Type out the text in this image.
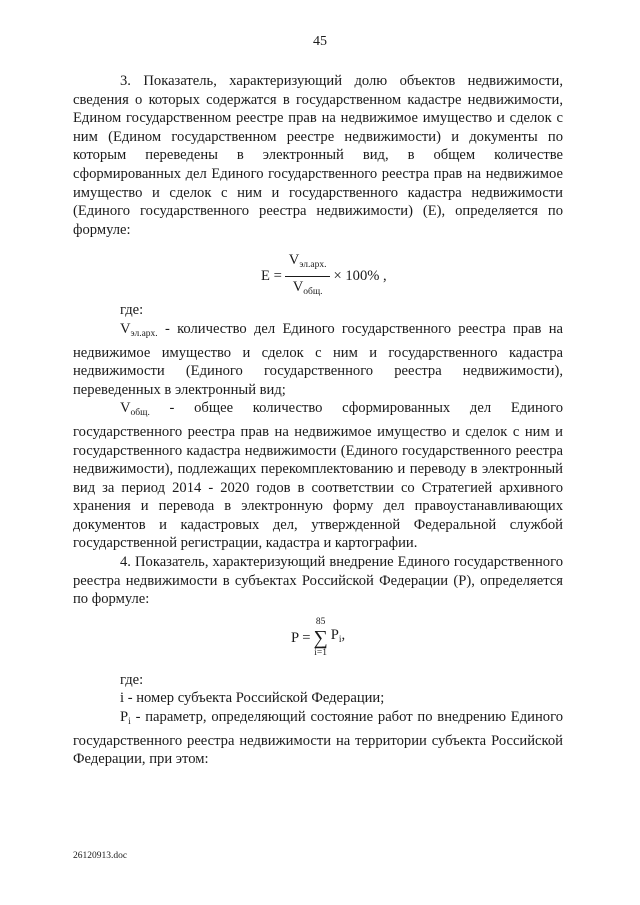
45

3. Показатель, характеризующий долю объектов недвижимости, сведения о которых содержатся в государственном кадастре недвижимости, Едином государственном реестре прав на недвижимое имущество и сделок с ним (Едином государственном реестре недвижимости) и документы по которым переведены в электронный вид, в общем количестве сформированных дел Единого государственного реестра прав на недвижимое имущество и сделок с ним и государственного кадастра недвижимости (Единого государственного реестра недвижимости) (Е), определяется по формуле:

$E = \frac{V_{эл.арх.}}{V_{общ.}} \times 100\%$ ,

где:

$V_{эл.арх.}$ - количество дел Единого государственного реестра прав на недвижимое имущество и сделок с ним и государственного кадастра недвижимости (Единого государственного реестра недвижимости), переведенных в электронный вид;

$V_{общ.}$ - общее количество сформированных дел Единого государственного реестра прав на недвижимое имущество и сделок с ним и государственного кадастра недвижимости (Единого государственного реестра недвижимости), подлежащих перекомплектованию и переводу в электронный вид за период 2014 - 2020 годов в соответствии со Стратегией архивного хранения и перевода в электронную форму дел правоустанавливающих документов и кадастровых дел, утвержденной Федеральной службой государственной регистрации, кадастра и картографии.

4. Показатель, характеризующий внедрение Единого государственного реестра недвижимости в субъектах Российской Федерации (Р), определяется по формуле:

P =
85
∑
i=1
$P_i$,

где:

i - номер субъекта Российской Федерации;

$P_i$ - параметр, определяющий состояние работ по внедрению Единого государственного реестра недвижимости на территории субъекта Российской Федерации, при этом:

26120913.doc
